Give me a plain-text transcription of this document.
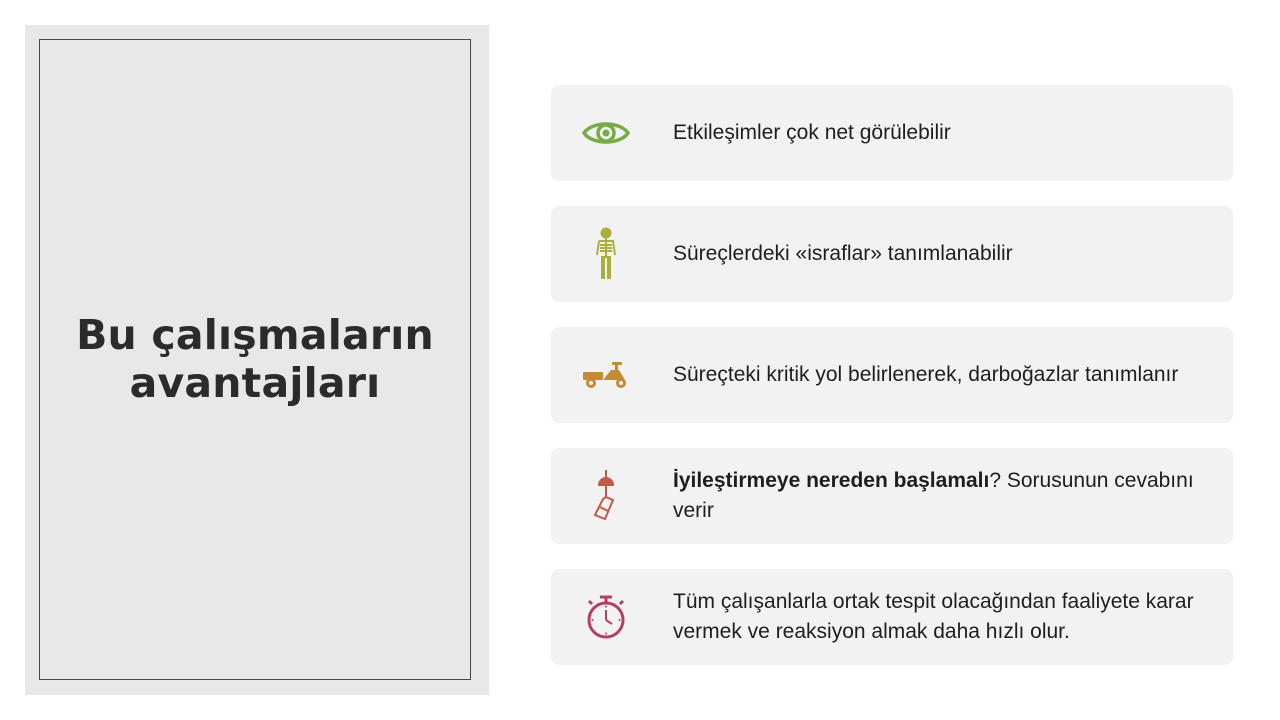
Bu çalışmaların
avantajları
Etkileşimler çok net görülebilir
Süreçlerdeki «israflar» tanımlanabilir
Süreçteki kritik yol belirlenerek, darboğazlar tanımlanır
İyileştirmeye nereden başlamalı? Sorusunun cevabını verir
Tüm çalışanlarla ortak tespit olacağından faaliyete karar vermek ve reaksiyon almak daha hızlı olur.
